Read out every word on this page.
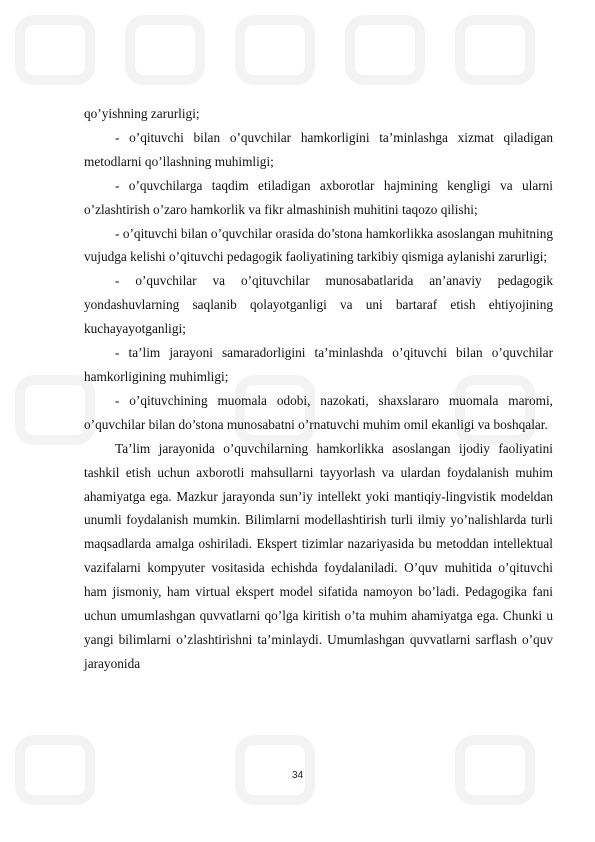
qo’yishning zarurligi;

- o’qituvchi bilan o’quvchilar hamkorligini ta’minlashga xizmat qiladigan metodlarni qo’llashning muhimligi;

- o’quvchilarga taqdim etiladigan axborotlar hajmining kengligi va ularni o’zlashtirish o’zaro hamkorlik va fikr almashinish muhitini taqozo qilishi;

- o’qituvchi bilan o’quvchilar orasida do’stona hamkorlikka asoslangan muhitning vujudga kelishi o’qituvchi pedagogik faoliyatining tarkibiy qismiga aylanishi zarurligi;

- o’quvchilar va o’qituvchilar munosabatlarida an’anaviy pedagogik yondashuvlarning saqlanib qolayotganligi va uni bartaraf etish ehtiyojining kuchayayotganligi;

- ta’lim jarayoni samaradorligini ta’minlashda o’qituvchi bilan o’quvchilar hamkorligining muhimligi;

- o’qituvchining muomala odobi, nazokati, shaxslararo muomala maromi, o’quvchilar bilan do’stona munosabatni o’rnatuvchi muhim omil ekanligi va boshqalar.

Ta’lim jarayonida o’quvchilarning hamkorlikka asoslangan ijodiy faoliyatini tashkil etish uchun axborotli mahsullarni tayyorlash va ulardan foydalanish muhim ahamiyatga ega. Mazkur jarayonda sun’iy intellekt yoki mantiqiy-lingvistik modeldan unumli foydalanish mumkin. Bilimlarni modellashtirish turli ilmiy yo’nalishlarda turli maqsadlarda amalga oshiriladi. Ekspert tizimlar nazariyasida bu metoddan intellektual vazifalarni kompyuter vositasida echishda foydalaniladi. O’quv muhitida o’qituvchi ham jismoniy, ham virtual ekspert model sifatida namoyon bo’ladi. Pedagogika fani uchun umumlashgan quvvatlarni qo’lga kiritish o’ta muhim ahamiyatga ega. Chunki u yangi bilimlarni o’zlashtirishni ta’minlaydi. Umumlashgan quvvatlarni sarflash o’quv jarayonida

34
